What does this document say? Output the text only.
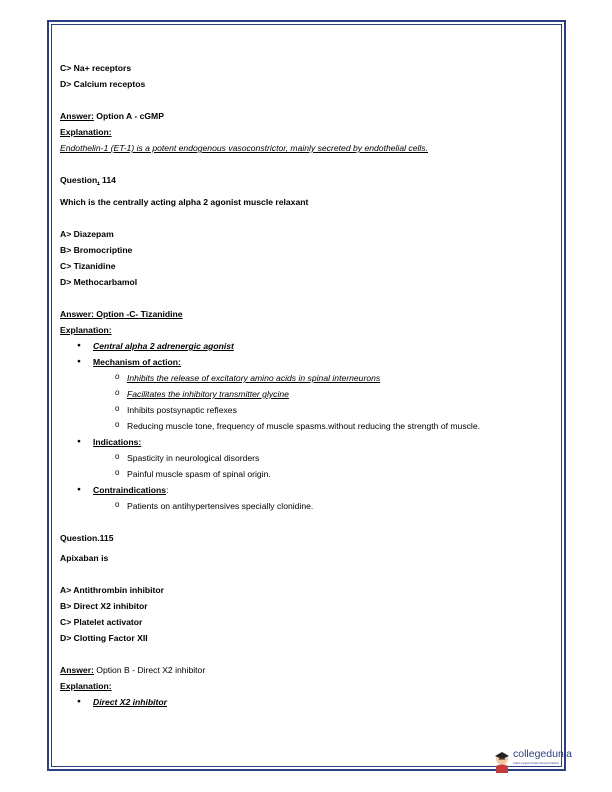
C> Na+ receptors
D> Calcium receptos
Answer: Option A - cGMP
Explanation:
Endothelin-1 (ET-1) is a potent endogenous vasoconstrictor, mainly secreted by endothelial cells.
Question, 114
Which is the centrally acting alpha 2 agonist muscle relaxant
A> Diazepam
B> Bromocriptine
C> Tizanidine
D> Methocarbamol
Answer: Option -C- Tizanidine
Explanation:
● Central alpha 2 adrenergic agonist
● Mechanism of action:
o Inhibits the release of excitatory amino acids in spinal interneurons
o Facilitates the inhibitory transmitter glycine
o Inhibits postsynaptic reflexes
o Reducing muscle tone, frequency of muscle spasms.without reducing the strength of muscle.
● Indications:
o Spasticity in neurological disorders
o Painful muscle spasm of spinal origin.
● Contraindications:
o Patients on antihypertensives specially clonidine.
Question.115
Apixaban is
A> Antithrombin inhibitor
B> Direct X2 inhibitor
C> Platelet activator
D> Clotting Factor XII
Answer: Option B - Direct X2 inhibitor
Explanation:
● Direct X2 inhibitor
collegedunia
India's Largest Student Review Platform
